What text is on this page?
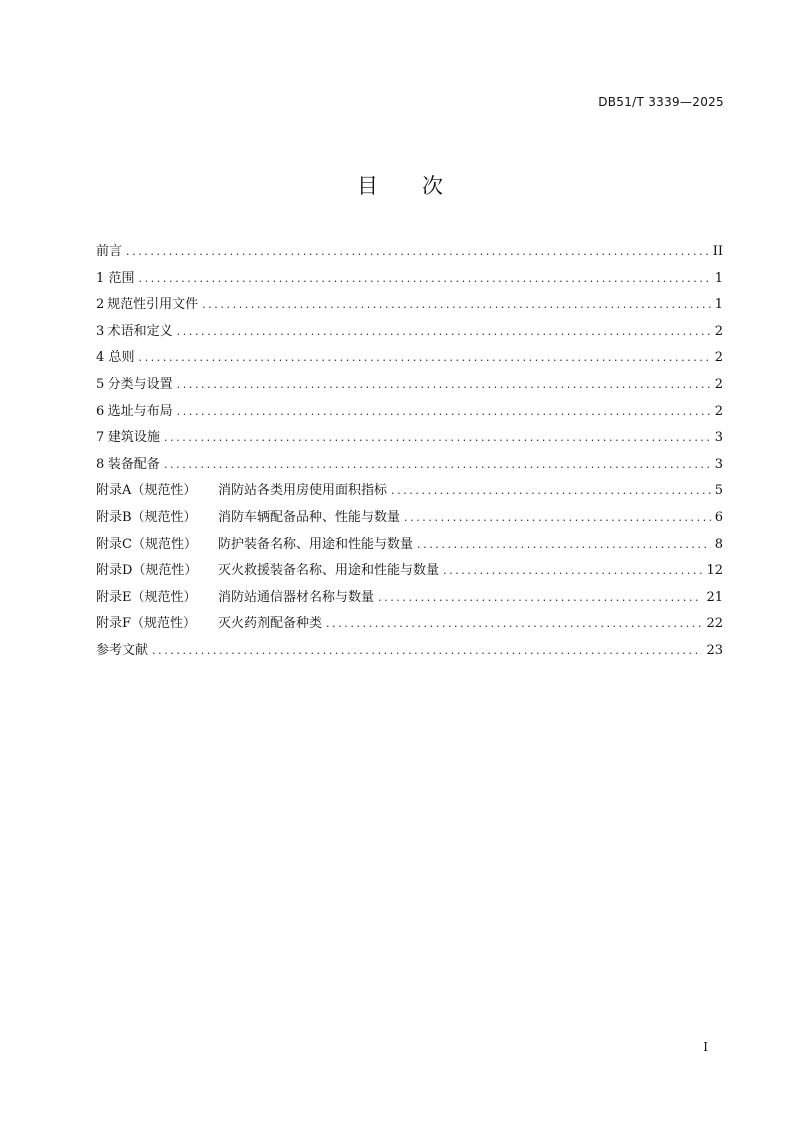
DB51/T 3339—2025
目 次
前言 .....	II
1 范围 .....	1
2 规范性引用文件 .....	1
3 术语和定义 .....	2
4 总则 .....	2
5 分类与设置 .....	2
6 选址与布局 .....	2
7 建筑设施 .....	3
8 装备配备 .....	3
附录A（规范性）	消防站各类用房使用面积指标 .....	5
附录B（规范性）	消防车辆配备品种、性能与数量 .....	6
附录C（规范性）	防护装备名称、用途和性能与数量 .....	8
附录D（规范性）	灭火救援装备名称、用途和性能与数量 .....	12
附录E（规范性）	消防站通信器材名称与数量 .....	21
附录F（规范性）	灭火药剂配备种类 .....	22
参考文献 .....	23
I
